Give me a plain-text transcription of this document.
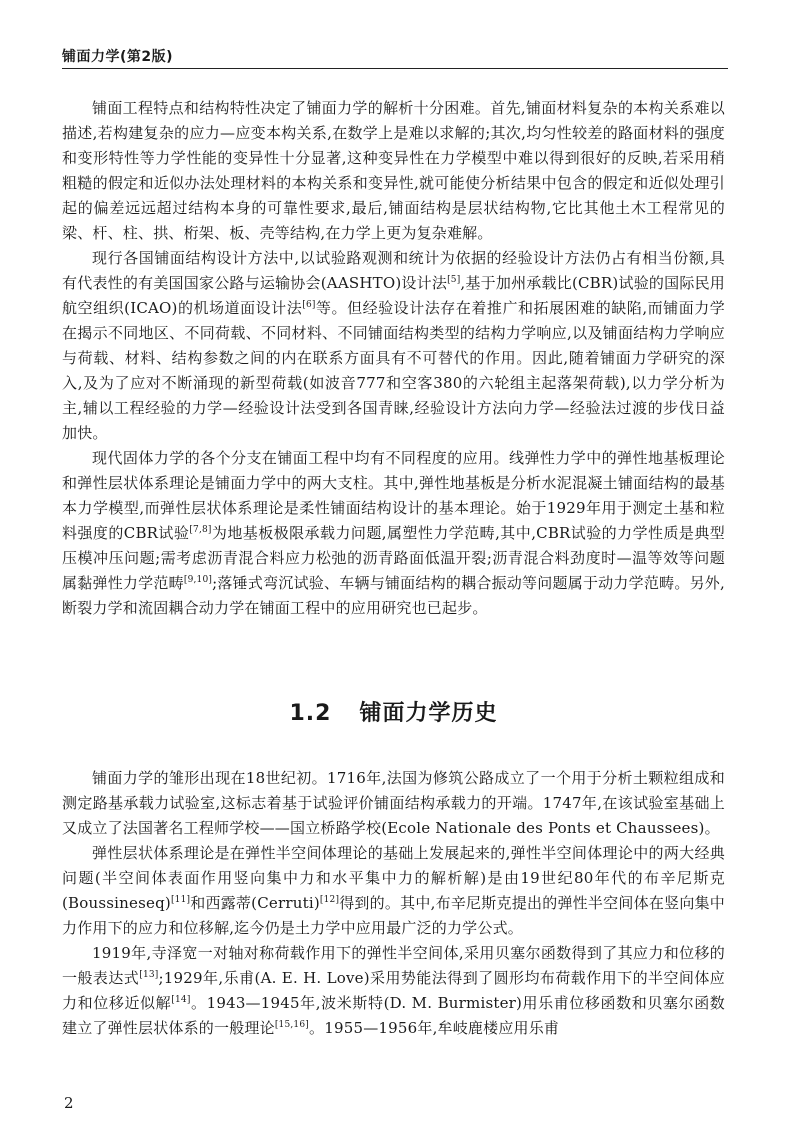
铺面力学(第2版)

铺面工程特点和结构特性决定了铺面力学的解析十分困难。首先,铺面材料复杂的本构关系难以描述,若构建复杂的应力—应变本构关系,在数学上是难以求解的;其次,均匀性较差的路面材料的强度和变形特性等力学性能的变异性十分显著,这种变异性在力学模型中难以得到很好的反映,若采用稍粗糙的假定和近似办法处理材料的本构关系和变异性,就可能使分析结果中包含的假定和近似处理引起的偏差远远超过结构本身的可靠性要求,最后,铺面结构是层状结构物,它比其他土木工程常见的梁、杆、柱、拱、桁架、板、壳等结构,在力学上更为复杂难解。

现行各国铺面结构设计方法中,以试验路观测和统计为依据的经验设计方法仍占有相当份额,具有代表性的有美国国家公路与运输协会(AASHTO)设计法[5],基于加州承载比(CBR)试验的国际民用航空组织(ICAO)的机场道面设计法[6]等。但经验设计法存在着推广和拓展困难的缺陷,而铺面力学在揭示不同地区、不同荷载、不同材料、不同铺面结构类型的结构力学响应,以及铺面结构力学响应与荷载、材料、结构参数之间的内在联系方面具有不可替代的作用。因此,随着铺面力学研究的深入,及为了应对不断涌现的新型荷载(如波音777和空客380的六轮组主起落架荷载),以力学分析为主,辅以工程经验的力学—经验设计法受到各国青睐,经验设计方法向力学—经验法过渡的步伐日益加快。

现代固体力学的各个分支在铺面工程中均有不同程度的应用。线弹性力学中的弹性地基板理论和弹性层状体系理论是铺面力学中的两大支柱。其中,弹性地基板是分析水泥混凝土铺面结构的最基本力学模型,而弹性层状体系理论是柔性铺面结构设计的基本理论。始于1929年用于测定土基和粒料强度的CBR试验[7,8]为地基板极限承载力问题,属塑性力学范畴,其中,CBR试验的力学性质是典型压模冲压问题;需考虑沥青混合料应力松弛的沥青路面低温开裂;沥青混合料劲度时—温等效等问题属黏弹性力学范畴[9,10];落锤式弯沉试验、车辆与铺面结构的耦合振动等问题属于动力学范畴。另外,断裂力学和流固耦合动力学在铺面工程中的应用研究也已起步。

1.2 铺面力学历史

铺面力学的雏形出现在18世纪初。1716年,法国为修筑公路成立了一个用于分析土颗粒组成和测定路基承载力试验室,这标志着基于试验评价铺面结构承载力的开端。1747年,在该试验室基础上又成立了法国著名工程师学校——国立桥路学校(Ecole Nationale des Ponts et Chaussees)。

弹性层状体系理论是在弹性半空间体理论的基础上发展起来的,弹性半空间体理论中的两大经典问题(半空间体表面作用竖向集中力和水平集中力的解析解)是由19世纪80年代的布辛尼斯克(Boussineseq)[11]和西露蒂(Cerruti)[12]得到的。其中,布辛尼斯克提出的弹性半空间体在竖向集中力作用下的应力和位移解,迄今仍是土力学中应用最广泛的力学公式。

1919年,寺泽宽一对轴对称荷载作用下的弹性半空间体,采用贝塞尔函数得到了其应力和位移的一般表达式[13];1929年,乐甫(A. E. H. Love)采用势能法得到了圆形均布荷载作用下的半空间体应力和位移近似解[14]。1943—1945年,波米斯特(D. M. Burmister)用乐甫位移函数和贝塞尔函数建立了弹性层状体系的一般理论[15,16]。1955—1956年,牟岐鹿楼应用乐甫

2
